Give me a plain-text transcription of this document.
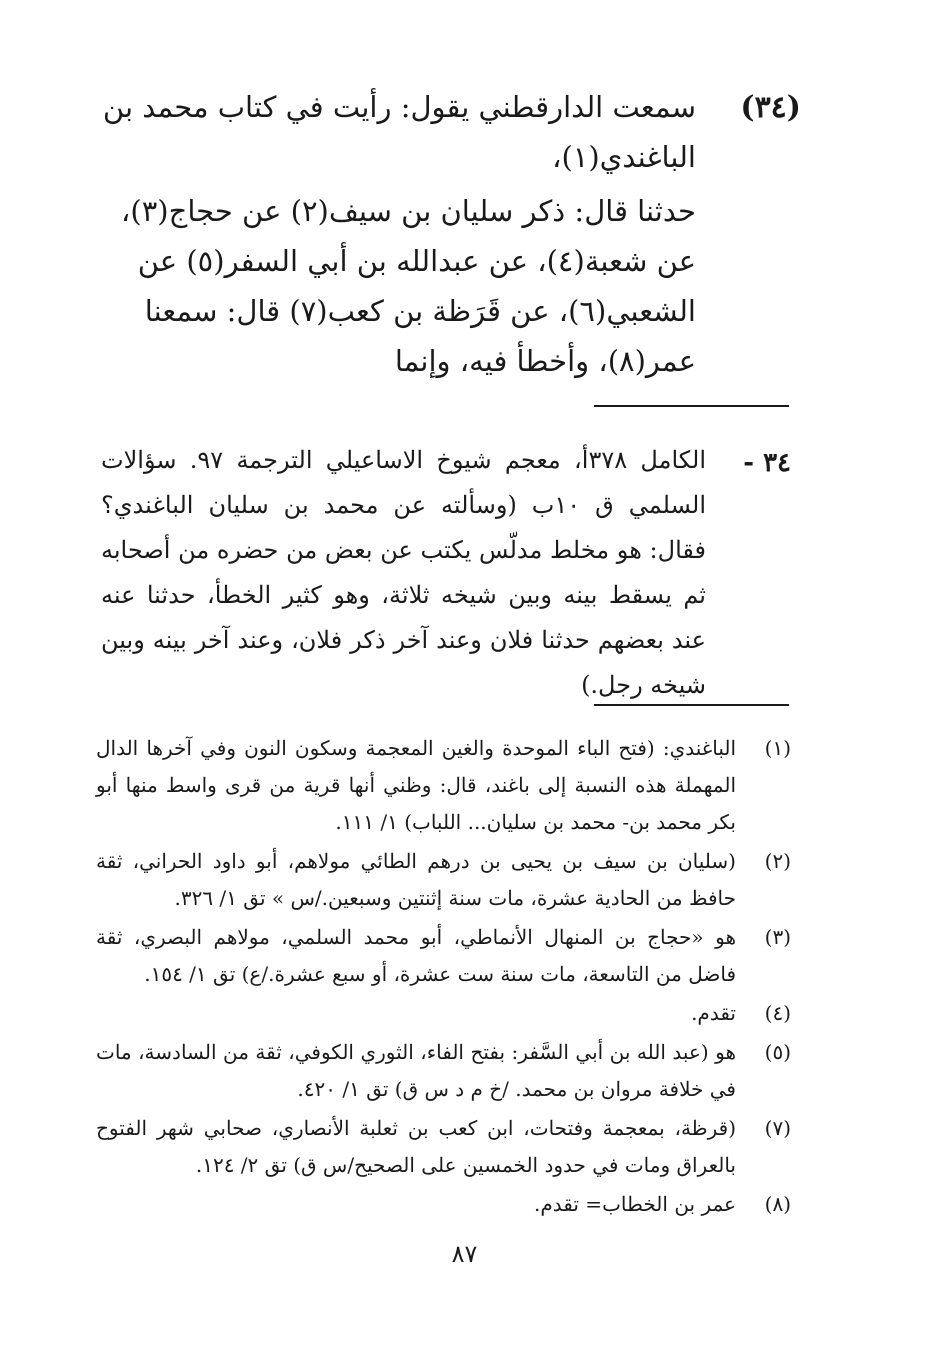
(٣٤)
سمعت الدارقطني يقول: رأيت في كتاب محمد بن
الباغندي(١)،
حدثنا قال: ذكر سليان بن سيف(٢) عن حجاج(٣)، عن شعبة(٤)، عن عبدالله بن أبي السفر(٥) عن الشعبي(٦)، عن قَرَظة بن كعب(٧) قال: سمعنا عمر(٨)، وأخطأ فيه، وإنما
٣٤ -
الكامل ٣٧٨أ، معجم شيوخ الاساعيلي الترجمة ٩٧. سؤالات السلمي ق ١٠ب (وسألته عن محمد بن سليان الباغندي؟ فقال: هو مخلط مدلّس يكتب عن بعض من حضره من أصحابه ثم يسقط بينه وبين شيخه ثلاثة، وهو كثير الخطأ، حدثنا عنه عند بعضهم حدثنا فلان وعند آخر ذكر فلان، وعند آخر بينه وبين شيخه رجل.)
(١)
الباغندي: (فتح الباء الموحدة والغين المعجمة وسكون النون وفي آخرها الدال المهملة هذه النسبة إلى باغند، قال: وظني أنها قرية من قرى واسط منها أبو بكر محمد بن- محمد بن سليان... اللباب) ١/ ١١١.
(٢)
(سليان بن سيف بن يحيى بن درهم الطائي مولاهم، أبو داود الحراني، ثقة حافظ من الحادية عشرة، مات سنة إثنتين وسبعين./س » تق ١/ ٣٢٦.
(٣)
هو «حجاج بن المنهال الأنماطي، أبو محمد السلمي، مولاهم البصري، ثقة فاضل من التاسعة، مات سنة ست عشرة، أو سبع عشرة./ع) تق ١/ ١٥٤.
(٤)
تقدم.
(٥)
هو (عبد الله بن أبي السَّفر: بفتح الفاء، الثوري الكوفي، ثقة من السادسة، مات في خلافة مروان بن محمد. /خ م د س ق) تق ١/ ٤٢٠.
(٧)
(قرظة، بمعجمة وفتحات، ابن كعب بن ثعلبة الأنصاري، صحابي شهر الفتوح بالعراق ومات في حدود الخمسين على الصحيح/س ق) تق ٢/ ١٢٤.
(٨)
عمر بن الخطاب= تقدم.
٨٧
